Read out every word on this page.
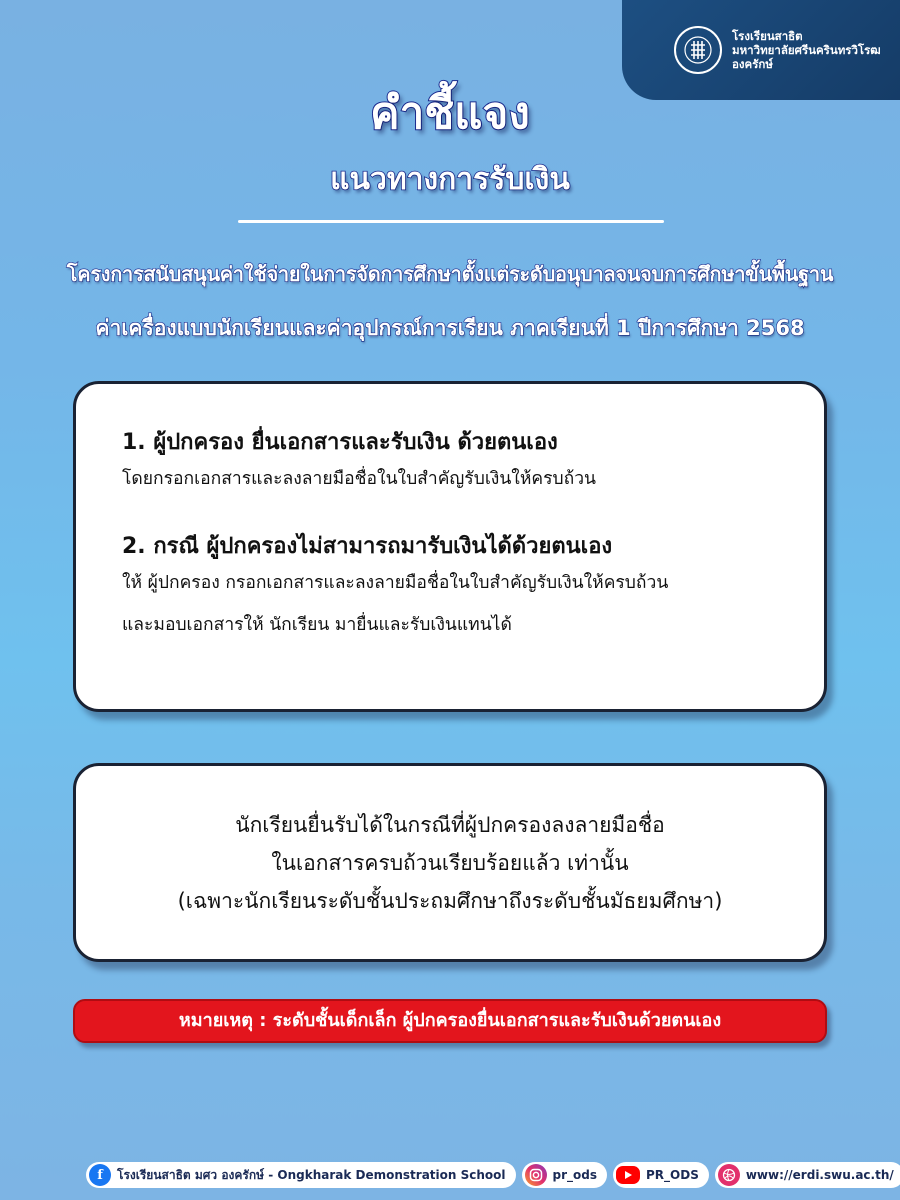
โรงเรียนสาธิต
มหาวิทยาลัยศรีนครินทรวิโรฒ
องครักษ์
คำชี้แจง
แนวทางการรับเงิน
โครงการสนับสนุนค่าใช้จ่ายในการจัดการศึกษาตั้งแต่ระดับอนุบาลจนจบการศึกษาขั้นพื้นฐาน
ค่าเครื่องแบบนักเรียนและค่าอุปกรณ์การเรียน ภาคเรียนที่ 1 ปีการศึกษา 2568

1. ผู้ปกครอง ยื่นเอกสารและรับเงิน ด้วยตนเอง

โดยกรอกเอกสารและลงลายมือชื่อในใบสำคัญรับเงินให้ครบถ้วน

2. กรณี ผู้ปกครองไม่สามารถมารับเงินได้ด้วยตนเอง

ให้ ผู้ปกครอง กรอกเอกสารและลงลายมือชื่อในใบสำคัญรับเงินให้ครบถ้วน

และมอบเอกสารให้ นักเรียน มายื่นและรับเงินแทนได้

นักเรียนยื่นรับได้ในกรณีที่ผู้ปกครองลงลายมือชื่อ

ในเอกสารครบถ้วนเรียบร้อยแล้ว เท่านั้น

(เฉพาะนักเรียนระดับชั้นประถมศึกษาถึงระดับชั้นมัธยมศึกษา)

หมายเหตุ : ระดับชั้นเด็กเล็ก ผู้ปกครองยื่นเอกสารและรับเงินด้วยตนเอง
f	โรงเรียนสาธิต มศว องครักษ์ - Ongkharak Demonstration School	pr_ods	PR_ODS	www://erdi.swu.ac.th/
